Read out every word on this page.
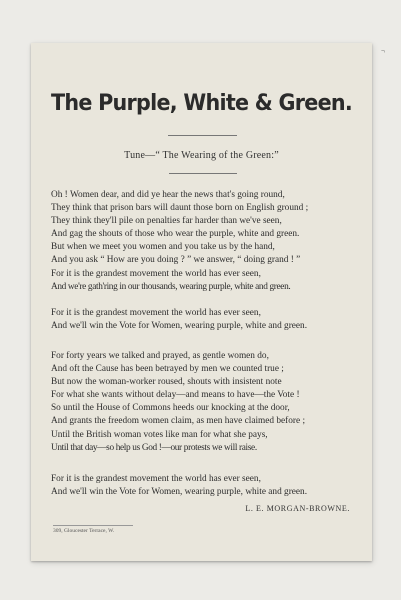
¬
The Purple, White & Green.
Tune—“ The Wearing of the Green:”
Oh ! Women dear, and did ye hear the news that's going round,
They think that prison bars will daunt those born on English ground ;
They think they'll pile on penalties far harder than we've seen,
And gag the shouts of those who wear the purple, white and green.
But when we meet you women and you take us by the hand,
And you ask “ How are you doing ? ” we answer, “ doing grand ! ”
For it is the grandest movement the world has ever seen,
And we're gath'ring in our thousands, wearing purple, white and green.
For it is the grandest movement the world has ever seen,
And we'll win the Vote for Women, wearing purple, white and green.
For forty years we talked and prayed, as gentle women do,
And oft the Cause has been betrayed by men we counted true ;
But now the woman-worker roused, shouts with insistent note
For what she wants without delay—and means to have—the Vote !
So until the House of Commons heeds our knocking at the door,
And grants the freedom women claim, as men have claimed before ;
Until the British woman votes like man for what she pays,
Until that day—so help us God !—our protests we will raise.
For it is the grandest movement the world has ever seen,
And we'll win the Vote for Women, wearing purple, white and green.
L. E. MORGAN-BROWNE.
309, Gloucester Terrace, W.
